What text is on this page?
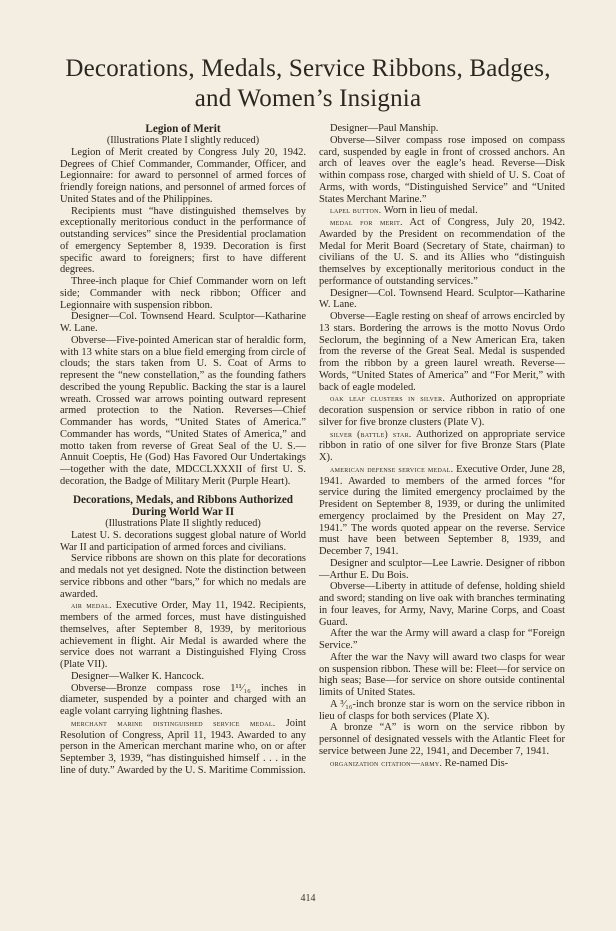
Decorations, Medals, Service Ribbons, Badges,
and Women’s Insignia
Legion of Merit
(Illustrations Plate I slightly reduced)

Legion of Merit created by Congress July 20, 1942. Degrees of Chief Commander, Commander, Officer, and Legionnaire: for award to personnel of armed forces of friendly foreign nations, and personnel of armed forces of United States and of the Philippines.

Recipients must “have distinguished themselves by exceptionally meritorious conduct in the performance of outstanding services” since the Presidential proclamation of emergency September 8, 1939. Decoration is first specific award to foreigners; first to have different degrees.

Three-inch plaque for Chief Commander worn on left side; Commander with neck ribbon; Officer and Legionnaire with suspension ribbon.

Designer—Col. Townsend Heard. Sculptor—Katharine W. Lane.

Obverse—Five-pointed American star of heraldic form, with 13 white stars on a blue field emerging from circle of clouds; the stars taken from U. S. Coat of Arms to represent the “new constellation,” as the founding fathers described the young Republic. Backing the star is a laurel wreath. Crossed war arrows pointing outward represent armed protection to the Nation. Reverses—Chief Commander has words, “United States of America.” Commander has words, “United States of America,” and motto taken from reverse of Great Seal of the U. S.—Annuit Coeptis, He (God) Has Favored Our Undertakings—together with the date, MDCCLXXXII of first U. S. decoration, the Badge of Military Merit (Purple Heart).

Decorations, Medals, and Ribbons Authorized During World War II
(Illustrations Plate II slightly reduced)

Latest U. S. decorations suggest global nature of World War II and participation of armed forces and civilians.

Service ribbons are shown on this plate for decorations and medals not yet designed. Note the distinction between service ribbons and other “bars,” for which no medals are awarded.

air medal. Executive Order, May 11, 1942. Recipients, members of the armed forces, must have distinguished themselves, after September 8, 1939, by meritorious achievement in flight. Air Medal is awarded where the service does not warrant a Distinguished Flying Cross (Plate VII).

Designer—Walker K. Hancock.

Obverse—Bronze compass rose 1¹¹⁄₁₆ inches in diameter, suspended by a pointer and charged with an eagle volant carrying lightning flashes.

merchant marine distinguished service medal. Joint Resolution of Congress, April 11, 1943. Awarded to any person in the American merchant marine who, on or after September 3, 1939, “has distinguished himself . . . in the line of duty.” Awarded by the U. S. Maritime Commission.

Designer—Paul Manship.

Obverse—Silver compass rose imposed on compass card, suspended by eagle in front of crossed anchors. An arch of leaves over the eagle’s head. Reverse—Disk within compass rose, charged with shield of U. S. Coat of Arms, with words, “Distinguished Service” and “United States Merchant Marine.”

lapel button. Worn in lieu of medal.

medal for merit. Act of Congress, July 20, 1942. Awarded by the President on recommendation of the Medal for Merit Board (Secretary of State, chairman) to civilians of the U. S. and its Allies who “distinguish themselves by exceptionally meritorious conduct in the performance of outstanding services.”

Designer—Col. Townsend Heard. Sculptor—Katharine W. Lane.

Obverse—Eagle resting on sheaf of arrows encircled by 13 stars. Bordering the arrows is the motto Novus Ordo Seclorum, the beginning of a New American Era, taken from the reverse of the Great Seal. Medal is suspended from the ribbon by a green laurel wreath. Reverse—Words, “United States of America” and “For Merit,” with back of eagle modeled.

oak leaf clusters in silver. Authorized on appropriate decoration suspension or service ribbon in ratio of one silver for five bronze clusters (Plate V).

silver (battle) star. Authorized on appropriate service ribbon in ratio of one silver for five Bronze Stars (Plate X).

american defense service medal. Executive Order, June 28, 1941. Awarded to members of the armed forces “for service during the limited emergency proclaimed by the President on September 8, 1939, or during the unlimited emergency proclaimed by the President on May 27, 1941.” The words quoted appear on the reverse. Service must have been between September 8, 1939, and December 7, 1941.

Designer and sculptor—Lee Lawrie. Designer of ribbon—Arthur E. Du Bois.

Obverse—Liberty in attitude of defense, holding shield and sword; standing on live oak with branches terminating in four leaves, for Army, Navy, Marine Corps, and Coast Guard.

After the war the Army will award a clasp for “Foreign Service.”

After the war the Navy will award two clasps for wear on suspension ribbon. These will be: Fleet—for service on high seas; Base—for service on shore outside continental limits of United States.

A ³⁄₁₆-inch bronze star is worn on the service ribbon in lieu of clasps for both services (Plate X).

A bronze “A” is worn on the service ribbon by personnel of designated vessels with the Atlantic Fleet for service between June 22, 1941, and December 7, 1941.

organization citation—army. Re-named Dis-

414
